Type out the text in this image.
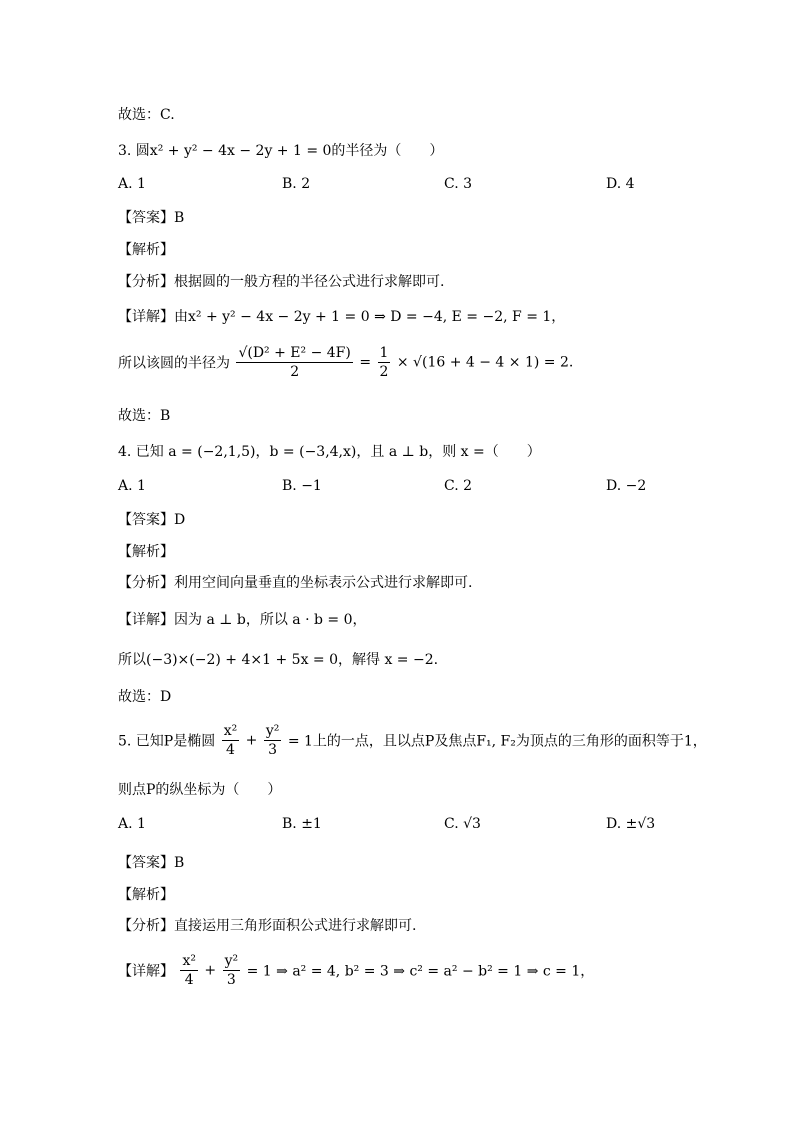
故选：C.
3. 圆x² + y² − 4x − 2y + 1 = 0的半径为（　　）
A. 1	B. 2	C. 3	D. 4
【答案】B
【解析】
【分析】根据圆的一般方程的半径公式进行求解即可.
【详解】由x² + y² − 4x − 2y + 1 = 0 ⇒ D = −4, E = −2, F = 1，
所以该圆的半径为 $\frac{\text{√(D² + E² − 4F)}}{2} = \frac{1}{2} \times √(16 + 4 - 4 \times 1) = 2$.
故选：B
4. 已知 a = (−2,1,5)，b = (−3,4,x)，且 a ⊥ b，则 x =（　　）
A. 1	B. −1	C. 2	D. −2
【答案】D
【解析】
【分析】利用空间向量垂直的坐标表示公式进行求解即可.
【详解】因为 a ⊥ b，所以 a · b = 0，
所以(−3)×(−2) + 4×1 + 5x = 0，解得 x = −2.
故选：D
5. 已知P是椭圆 $\frac{\text{x²}}{4} + \frac{\text{y²}}{3} = 1$上的一点，且以点P及焦点F₁, F₂为顶点的三角形的面积等于1，
则点P的纵坐标为（　　）
A. 1	B. ±1	C. √3	D. ±√3
【答案】B
【解析】
【分析】直接运用三角形面积公式进行求解即可.
【详解】 $\frac{\text{x²}}{4} + \frac{\text{y²}}{3} = 1$ ⇒ a² = 4, b² = 3 ⇒ c² = a² − b² = 1 ⇒ c = 1，
